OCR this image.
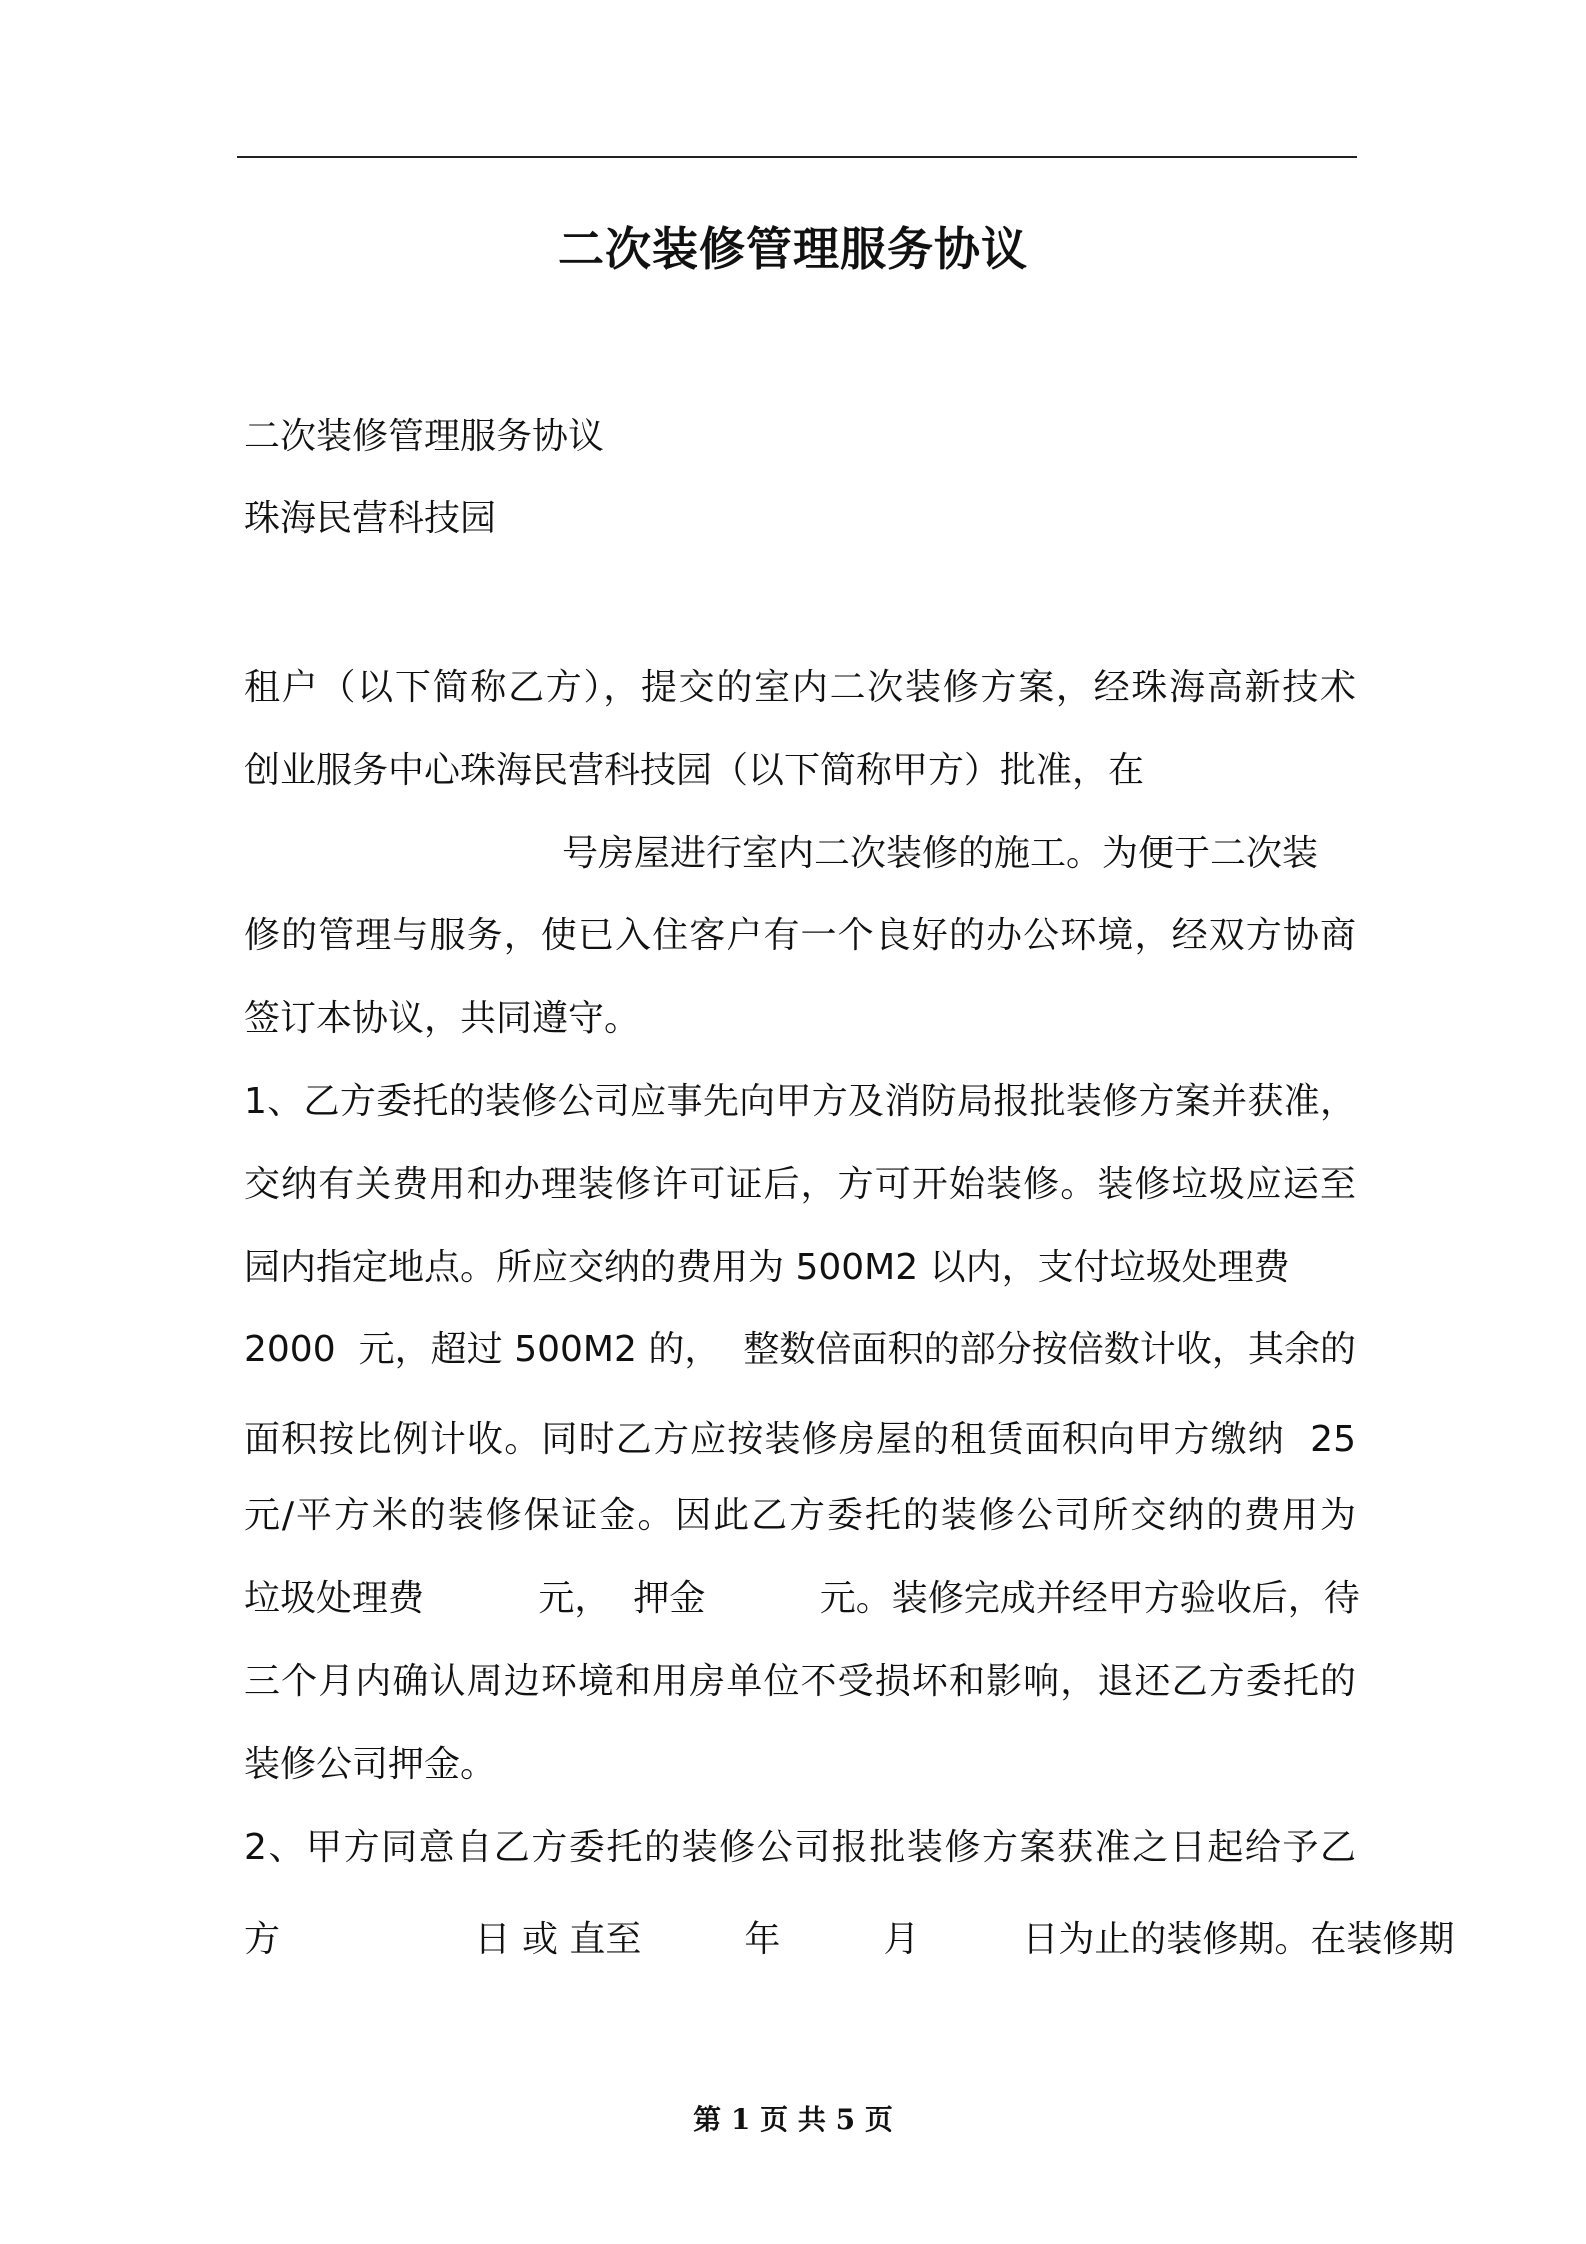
二次装修管理服务协议
二次装修管理服务协议
珠海民营科技园
租户（以下简称乙方），提交的室内二次装修方案，经珠海高新技术
创业服务中心珠海民营科技园（以下简称甲方）批准，在
号房屋进行室内二次装修的施工。为便于二次装
修的管理与服务，使已入住客户有一个良好的办公环境，经双方协商
签订本协议，共同遵守。
1、乙方委托的装修公司应事先向甲方及消防局报批装修方案并获准，
交纳有关费用和办理装修许可证后，方可开始装修。装修垃圾应运至
园内指定地点。所应交纳的费用为 500M2 以内，支付垃圾处理费
2000  元，超过 500M2 的，  整数倍面积的部分按倍数计收，其余的
面积按比例计收。同时乙方应按装修房屋的租赁面积向甲方缴纳  25
元/平方米的装修保证金。因此乙方委托的装修公司所交纳的费用为
垃圾处理费          元，  押金          元。装修完成并经甲方验收后，待
三个月内确认周边环境和用房单位不受损坏和影响，退还乙方委托的
装修公司押金。
2、甲方同意自乙方委托的装修公司报批装修方案获准之日起给予乙
方                 日 或 直至         年         月         日为止的装修期。在装修期
第 1 页 共 5 页
